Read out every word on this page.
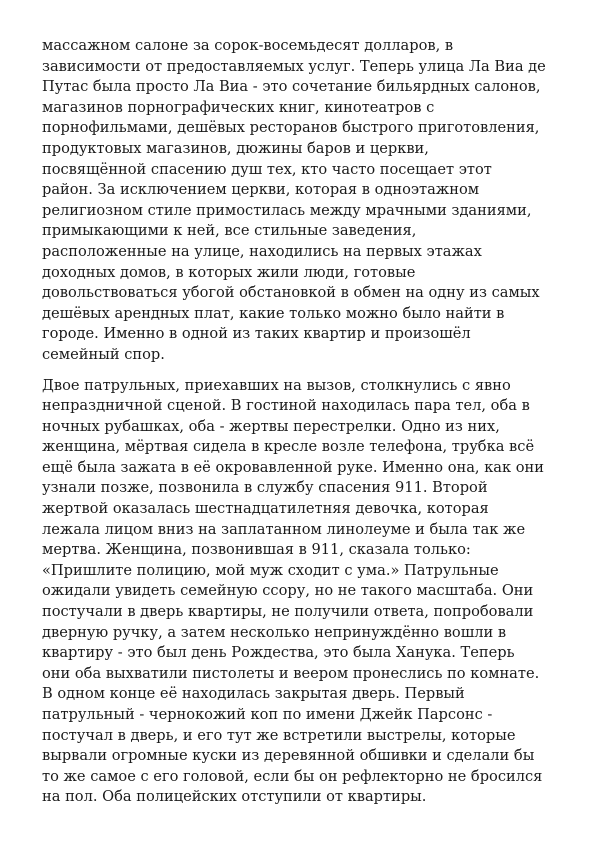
массажном салоне за сорок-восемьдесят долларов, в
зависимости от предоставляемых услуг. Теперь улица Ла Виа де
Путас была просто Ла Виа - это сочетание бильярдных салонов,
магазинов порнографических книг, кинотеатров с
порнофильмами, дешёвых ресторанов быстрого приготовления,
продуктовых магазинов, дюжины баров и церкви,
посвящённой спасению душ тех, кто часто посещает этот
район. За исключением церкви, которая в одноэтажном
религиозном стиле примостилась между мрачными зданиями,
примыкающими к ней, все стильные заведения,
расположенные на улице, находились на первых этажах
доходных домов, в которых жили люди, готовые
довольствоваться убогой обстановкой в обмен на одну из самых
дешёвых арендных плат, какие только можно было найти в
городе. Именно в одной из таких квартир и произошёл
семейный спор.

Двое патрульных, приехавших на вызов, столкнулись с явно
непраздничной сценой. В гостиной находилась пара тел, оба в
ночных рубашках, оба - жертвы перестрелки. Одно из них,
женщина, мёртвая сидела в кресле возле телефона, трубка всё
ещё была зажата в её окровавленной руке. Именно она, как они
узнали позже, позвонила в службу спасения 911. Второй
жертвой оказалась шестнадцатилетняя девочка, которая
лежала лицом вниз на заплатанном линолеуме и была так же
мертва. Женщина, позвонившая в 911, сказала только:
«Пришлите полицию, мой муж сходит с ума.» Патрульные
ожидали увидеть семейную ссору, но не такого масштаба. Они
постучали в дверь квартиры, не получили ответа, попробовали
дверную ручку, а затем несколько непринуждённо вошли в
квартиру - это был день Рождества, это была Ханука. Теперь
они оба выхватили пистолеты и веером пронеслись по комнате.
В одном конце её находилась закрытая дверь. Первый
патрульный - чернокожий коп по имени Джейк Парсонс -
постучал в дверь, и его тут же встретили выстрелы, которые
вырвали огромные куски из деревянной обшивки и сделали бы
то же самое с его головой, если бы он рефлекторно не бросился
на пол. Оба полицейских отступили от квартиры.
